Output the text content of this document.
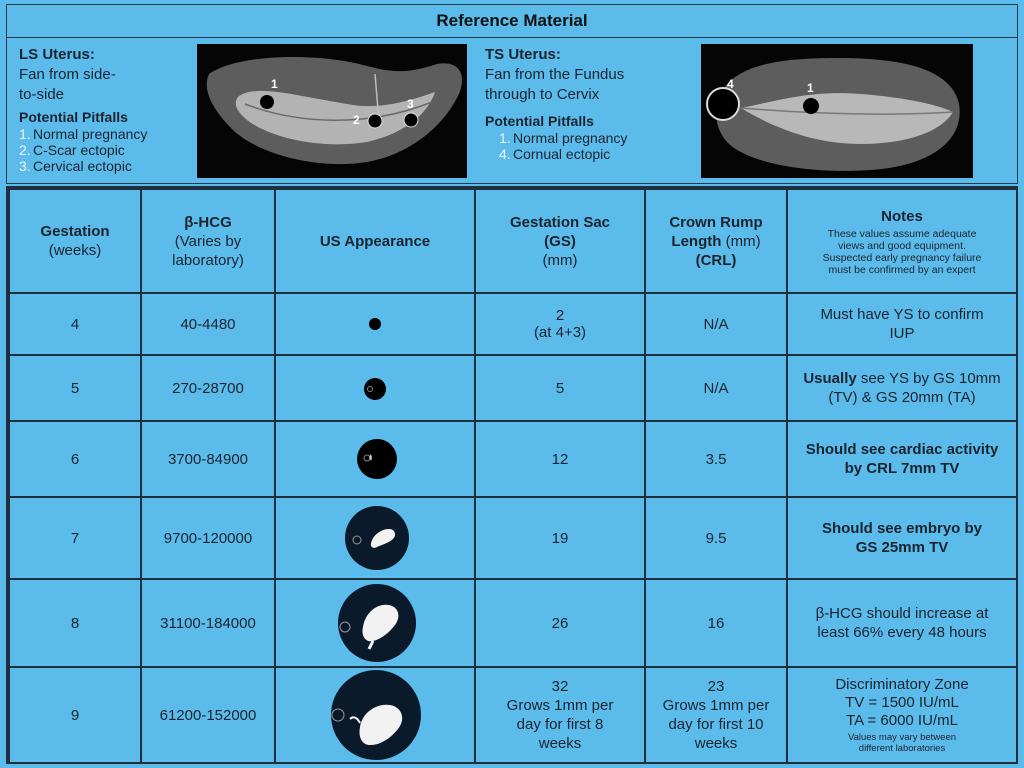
Reference Material
LS Uterus:
Fan from side-
to-side
Potential Pitfalls
1. Normal pregnancy
2. C-Scar ectopic
3. Cervical ectopic
1
2
3
TS Uterus:
Fan from the Fundus
through to Cervix
Potential Pitfalls
1. Normal pregnancy
4. Cornual ectopic
4	1
Gestation
(weeks)	β-HCG
(Varies by
laboratory)	US Appearance	Gestation Sac
(GS)
(mm)	Crown Rump
Length (mm)
(CRL)	Notes
These values assume adequate
views and good equipment.
Suspected early pregnancy failure
must be confirmed by an expert

4	40-4480		2
(at 4+3)	N/A	Must have YS to confirm
IUP
5	270-28700		5	N/A	Usually see YS by GS 10mm
(TV) & GS 20mm (TA)
6	3700-84900		12	3.5	Should see cardiac activity
by CRL 7mm TV
7	9700-120000		19	9.5	Should see embryo by
GS 25mm TV
8	31100-184000		26	16	β-HCG should increase at
least 66% every 48 hours
9	61200-152000		32
Grows 1mm per
day for first 8
weeks	23
Grows 1mm per
day for first 10
weeks	Discriminatory Zone
TV = 1500 IU/mL
TA = 6000 IU/mL
Values may vary between
different laboratories
